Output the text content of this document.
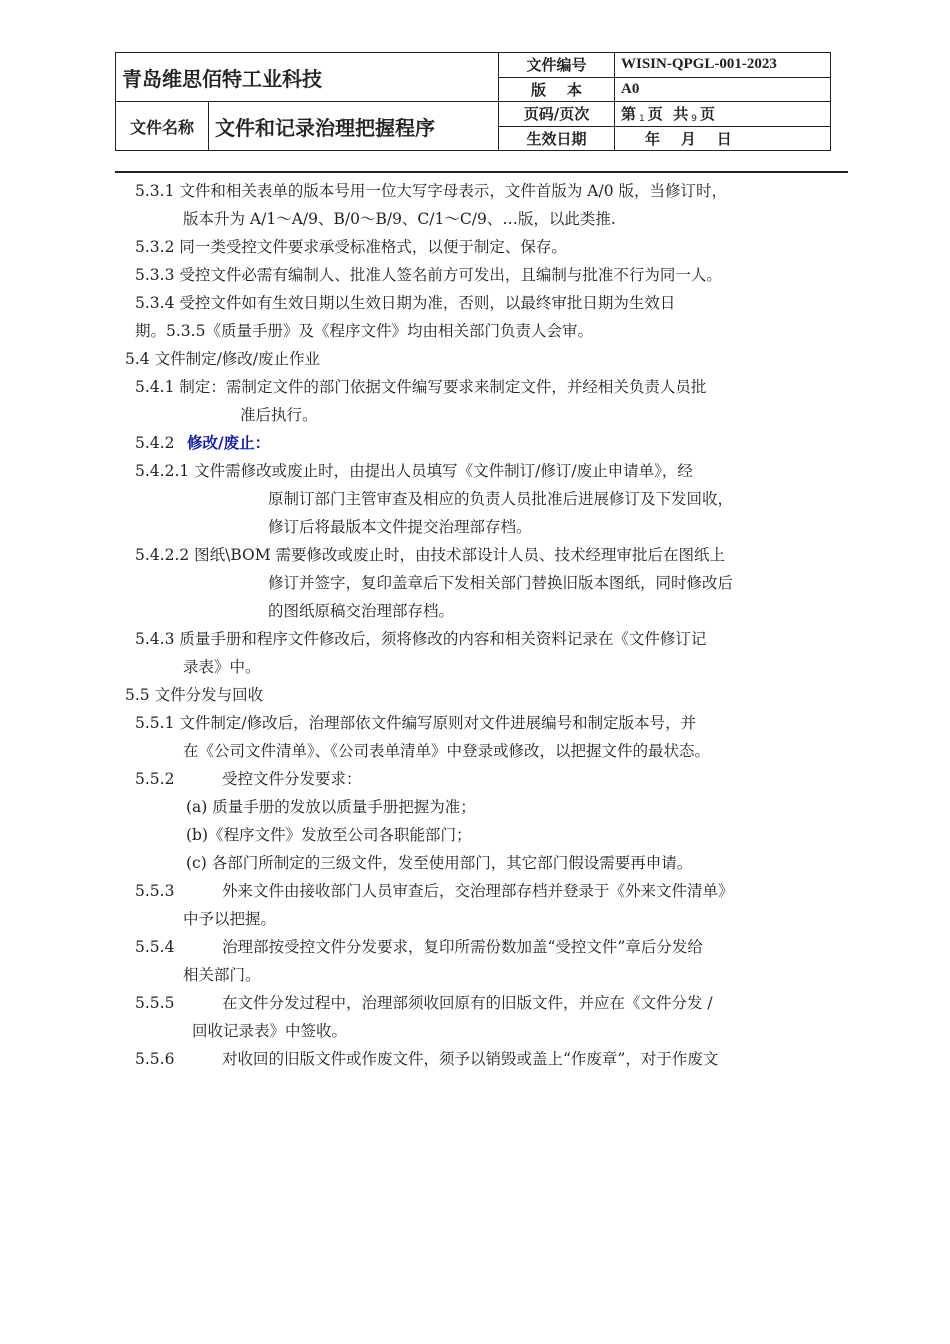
青岛维思佰特工业科技		文件编号	WISIN-QPGL-001-2023
		版    本	A0
文件名称	文件和记录治理把握程序	页码/页次	第 $_1$ 页  共 $_9$ 页
		生效日期	年    月    日
5.3.1 文件和相关表单的版本号用一位大写字母表示，文件首版为 A/0 版，当修订时，
版本升为 A/1～A/9、B/0～B/9、C/1～C/9、…版，以此类推.
5.3.2 同一类受控文件要求承受标准格式，以便于制定、保存。
5.3.3 受控文件必需有编制人、批准人签名前方可发出，且编制与批准不行为同一人。
5.3.4 受控文件如有生效日期以生效日期为准，否则，以最终审批日期为生效日
期。5.3.5《质量手册》及《程序文件》均由相关部门负责人会审。
5.4 文件制定/修改/废止作业
5.4.1 制定：需制定文件的部门依据文件编写要求来制定文件，并经相关负责人员批
准后执行。
5.4.2 修改/废止：
5.4.2.1 文件需修改或废止时，由提出人员填写《文件制订/修订/废止申请单》，经
原制订部门主管审查及相应的负责人员批准后进展修订及下发回收，
修订后将最版本文件提交治理部存档。
5.4.2.2 图纸\BOM 需要修改或废止时，由技术部设计人员、技术经理审批后在图纸上
修订并签字，复印盖章后下发相关部门替换旧版本图纸，同时修改后
的图纸原稿交治理部存档。
5.4.3 质量手册和程序文件修改后，须将修改的内容和相关资料记录在《文件修订记
录表》中。
5.5 文件分发与回收
5.5.1 文件制定/修改后，治理部依文件编写原则对文件进展编号和制定版本号，并
在《公司文件清单》、《公司表单清单》中登录或修改，以把握文件的最状态。
5.5.2	受控文件分发要求：
(a) 质量手册的发放以质量手册把握为准；
(b)《程序文件》发放至公司各职能部门；
(c) 各部门所制定的三级文件，发至使用部门，其它部门假设需要再申请。
5.5.3	外来文件由接收部门人员审查后，交治理部存档并登录于《外来文件清单》
中予以把握。
5.5.4	治理部按受控文件分发要求，复印所需份数加盖“受控文件”章后分发给
相关部门。
5.5.5	在文件分发过程中，治理部须收回原有的旧版文件，并应在《文件分发 /
回收记录表》中签收。
5.5.6	对收回的旧版文件或作废文件，须予以销毁或盖上“作废章”，对于作废文
